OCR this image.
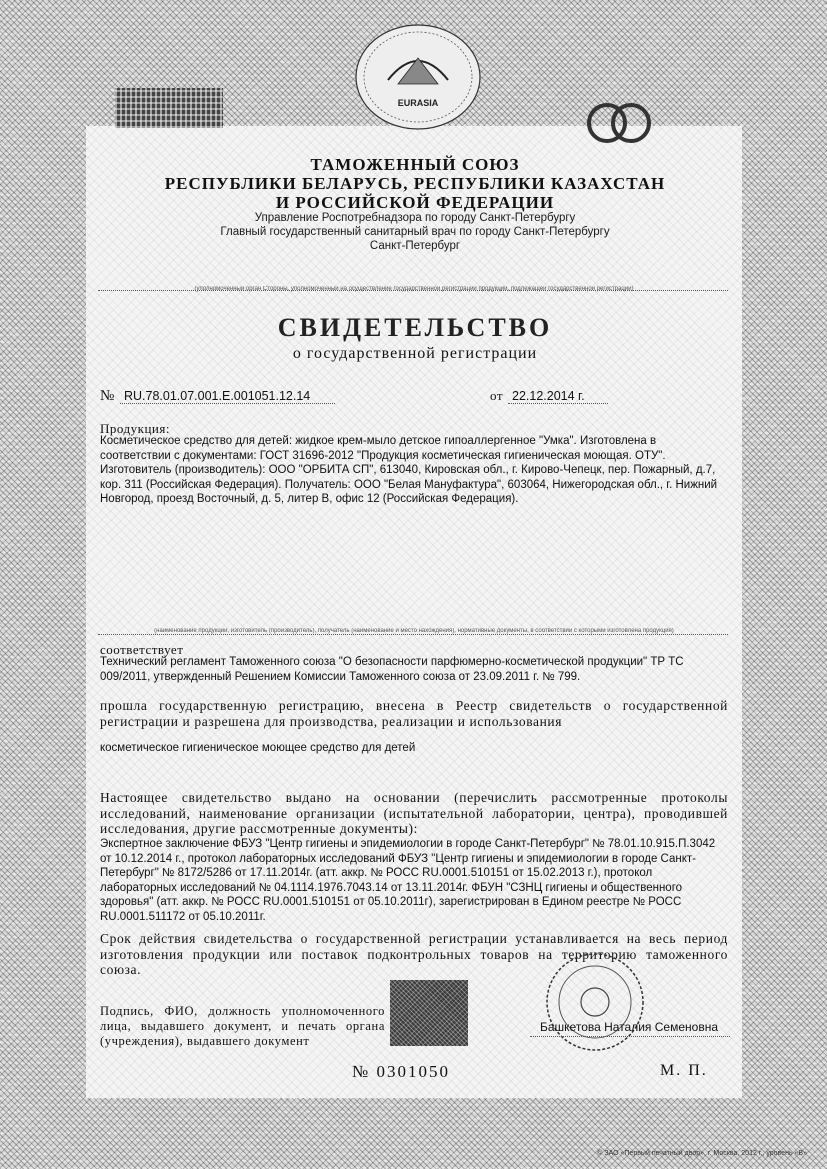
EURASIA
ТАМОЖЕННЫЙ СОЮЗ
РЕСПУБЛИКИ БЕЛАРУСЬ, РЕСПУБЛИКИ КАЗАХСТАН
И РОССИЙСКОЙ ФЕДЕРАЦИИ
Управление Роспотребнадзора по городу Санкт-Петербургу
Главный государственный санитарный врач по городу Санкт-Петербургу
Санкт-Петербург
(уполномоченный орган Стороны, уполномоченный на осуществление государственной регистрации продукции, подлежащей государственной регистрации)
СВИДЕТЕЛЬСТВО
о государственной регистрации
№ RU.78.01.07.001.Е.001051.12.14	от 22.12.2014 г.
Продукция:
Косметическое средство для детей: жидкое крем-мыло детское гипоаллергенное "Умка". Изготовлена в соответствии с документами: ГОСТ 31696-2012 "Продукция косметическая гигиеническая моющая. ОТУ". Изготовитель (производитель): ООО "ОРБИТА СП", 613040, Кировская обл., г. Кирово-Чепецк, пер. Пожарный, д.7, кор. 311 (Российская Федерация). Получатель: ООО "Белая Мануфактура", 603064, Нижегородская обл., г. Нижний Новгород, проезд Восточный, д. 5, литер В, офис 12 (Российская Федерация).
(наименование продукции, изготовитель (производитель), получатель (наименование и место нахождения), нормативные документы, в соответствии с которыми изготовлена продукция)
соответствует
Технический регламент Таможенного союза "О безопасности парфюмерно-косметической продукции" ТР ТС 009/2011, утвержденный Решением Комиссии Таможенного союза от 23.09.2011 г. № 799.
прошла государственную регистрацию, внесена в Реестр свидетельств о государственной регистрации и разрешена для производства, реализации и использования
косметическое гигиеническое моющее средство для детей
Настоящее свидетельство выдано на основании (перечислить рассмотренные протоколы исследований, наименование организации (испытательной лаборатории, центра), проводившей исследования, другие рассмотренные документы):
Экспертное заключение ФБУЗ "Центр гигиены и эпидемиологии в городе Санкт-Петербург" № 78.01.10.915.П.3042 от 10.12.2014 г., протокол лабораторных исследований ФБУЗ "Центр гигиены и эпидемиологии в городе Санкт-Петербург" № 8172/5286 от 17.11.2014г. (атт. аккр. № РОСС RU.0001.510151 от 15.02.2013 г.), протокол лабораторных исследований № 04.1114.1976.7043.14 от 13.11.2014г. ФБУН "СЗНЦ гигиены и общественного здоровья" (атт. аккр. № РОСС RU.0001.510151 от 05.10.2011г), зарегистрирован в Едином реестре № РОСС RU.0001.511172 от 05.10.2011г.
Срок действия свидетельства о государственной регистрации устанавливается на весь период изготовления продукции или поставок подконтрольных товаров на территорию таможенного союза.
Подпись, ФИО, должность уполномоченного лица, выдавшего документ, и печать органа (учреждения), выдавшего документ
Башкетова Наталия Семеновна
№ 0301050	М. П.
© ЗАО «Первый печатный двор», г. Москва, 2012 г., уровень «В»
